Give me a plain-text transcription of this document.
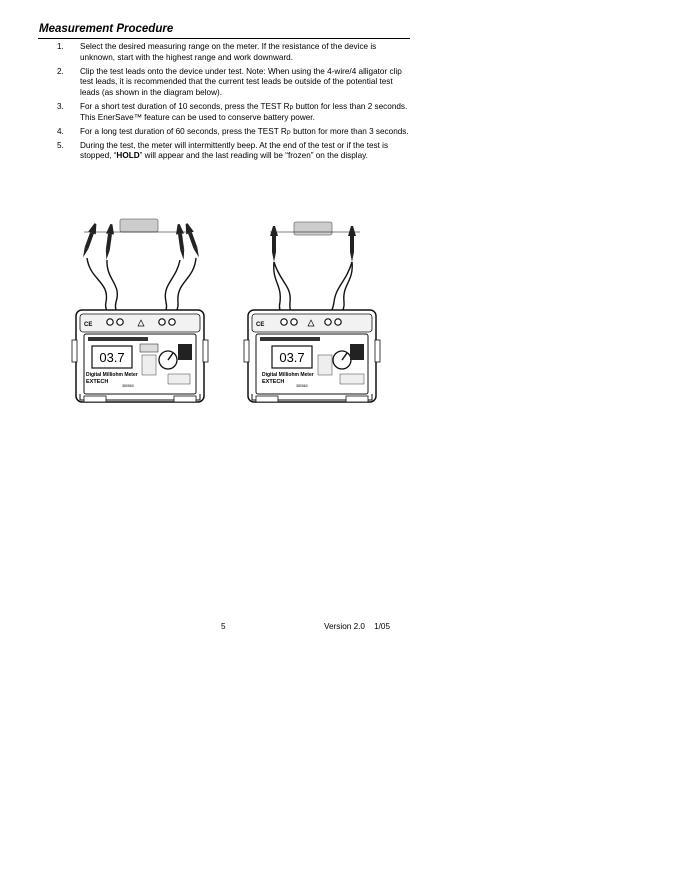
Measurement Procedure
1. Select the desired measuring range on the meter. If the resistance of the device is unknown, start with the highest range and work downward.
2. Clip the test leads onto the device under test. Note: When using the 4-wire/4 alligator clip test leads, it is recommended that the current test leads be outside of the potential test leads (as shown in the diagram below).
3. For a short test duration of 10 seconds, press the TEST $R_P$ button for less than 2 seconds. This EnerSave™ feature can be used to conserve battery power.
4. For a long test duration of 60 seconds, press the TEST $R_P$ button for more than 3 seconds.
5. During the test, the meter will intermittently beep. At the end of the test or if the test is stopped, “HOLD” will appear and the last reading will be “frozen” on the display.
CE
03.7
Digital Milliohm Meter
EXTECH
380560
CE
03.7
Digital Milliohm Meter
EXTECH
380560
5	Version 2.0    1/05
